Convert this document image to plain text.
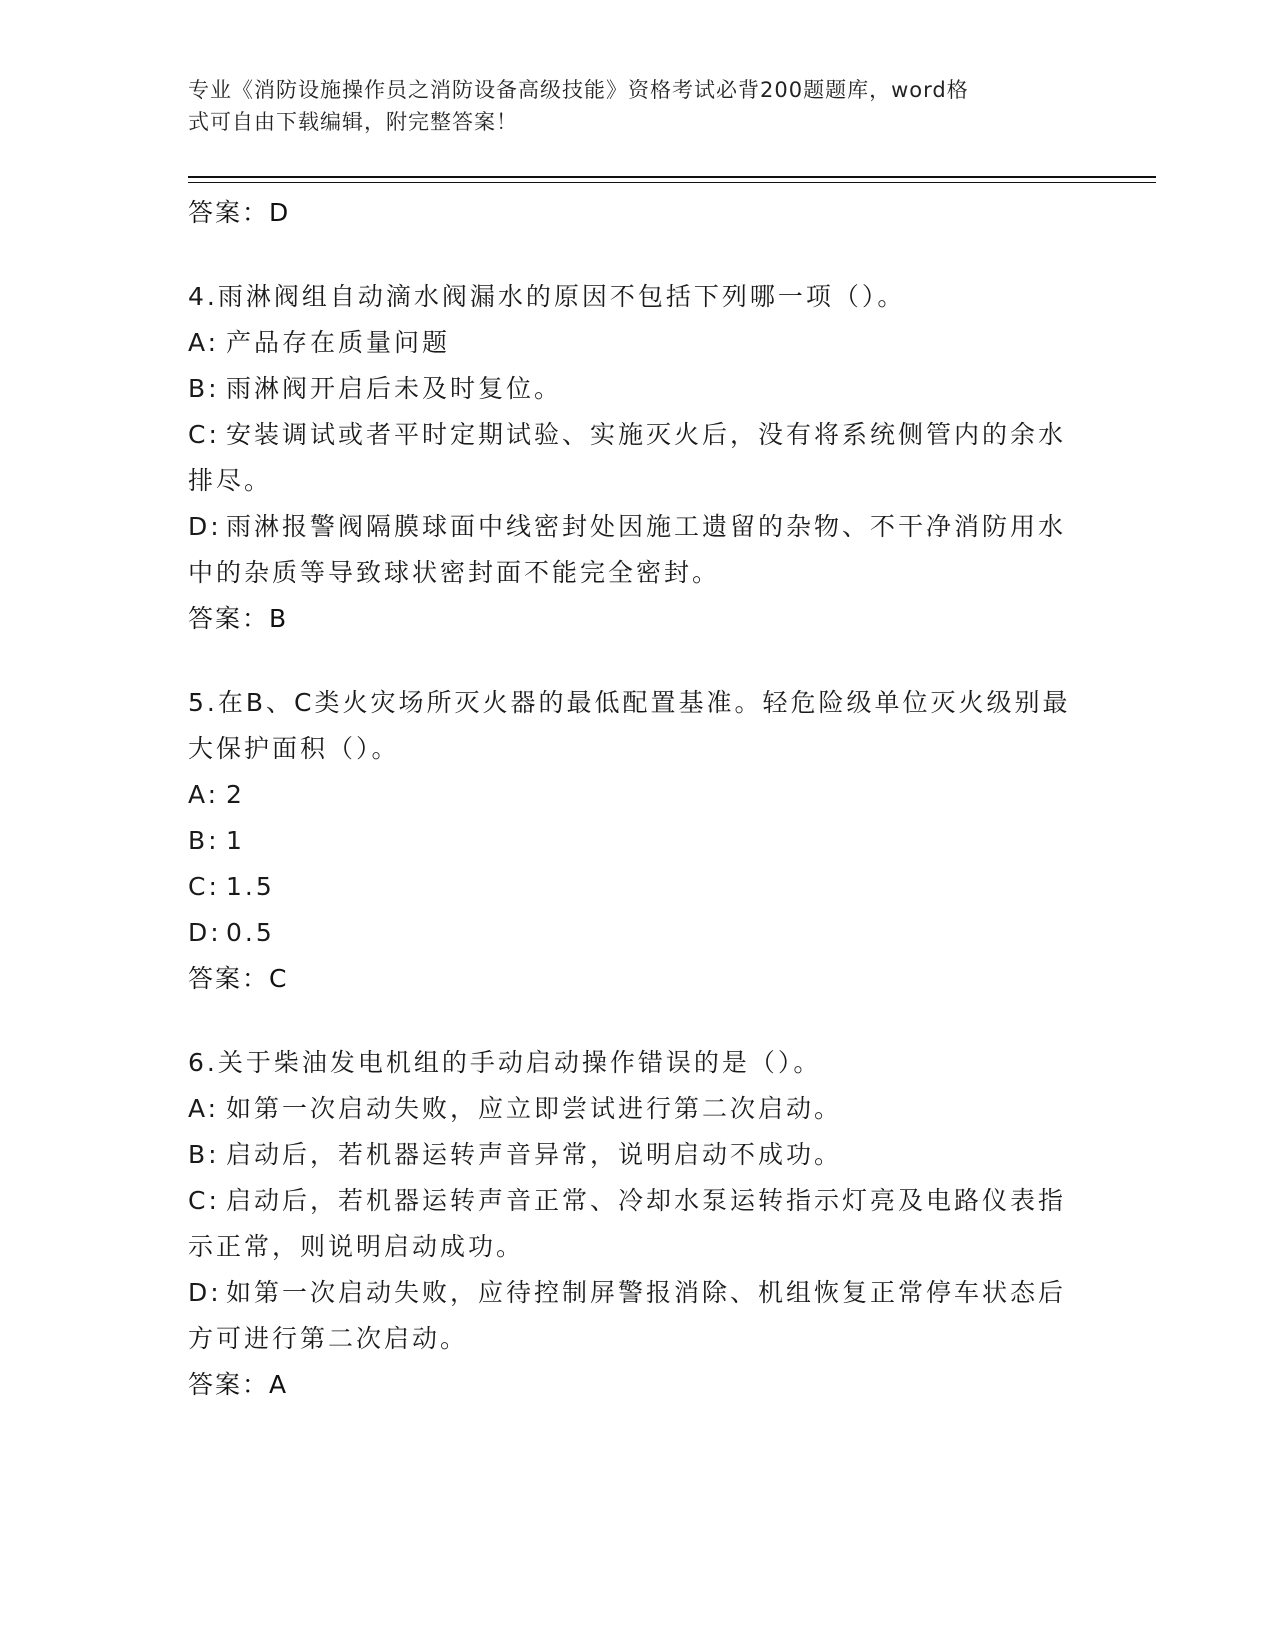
专业《消防设施操作员之消防设备高级技能》资格考试必背200题题库，word格
式可自由下载编辑，附完整答案！
答案：D
4.雨淋阀组自动滴水阀漏水的原因不包括下列哪一项（）。
A: 产品存在质量问题
B: 雨淋阀开启后未及时复位。
C: 安装调试或者平时定期试验、实施灭火后，没有将系统侧管内的余水排尽。
D: 雨淋报警阀隔膜球面中线密封处因施工遗留的杂物、不干净消防用水中的杂质等导致球状密封面不能完全密封。
答案：B
5.在B、C类火灾场所灭火器的最低配置基准。轻危险级单位灭火级别最大保护面积（）。
A: 2
B: 1
C: 1.5
D: 0.5
答案：C
6.关于柴油发电机组的手动启动操作错误的是（）。
A: 如第一次启动失败，应立即尝试进行第二次启动。
B: 启动后，若机器运转声音异常，说明启动不成功。
C: 启动后，若机器运转声音正常、冷却水泵运转指示灯亮及电路仪表指示正常，则说明启动成功。
D: 如第一次启动失败，应待控制屏警报消除、机组恢复正常停车状态后方可进行第二次启动。
答案：A
